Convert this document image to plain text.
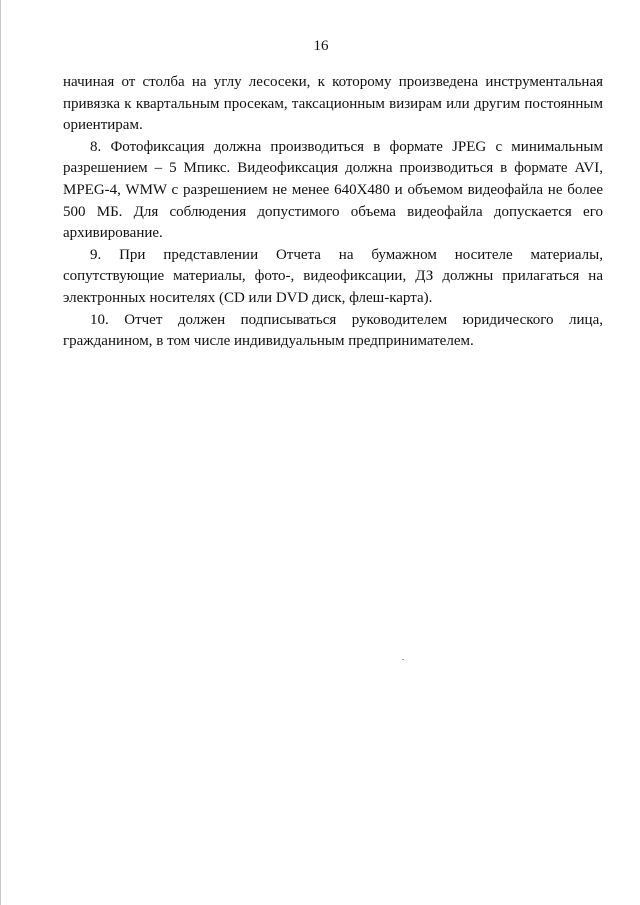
16

начиная от столба на углу лесосеки, к которому произведена инструментальная привязка к квартальным просекам, таксационным визирам или другим постоянным ориентирам.

8. Фотофиксация должна производиться в формате JPEG с минимальным разрешением – 5 Мпикс. Видеофиксация должна производиться в формате AVI, MPEG-4, WMW с разрешением не менее 640X480 и объемом видеофайла не более 500 МБ. Для соблюдения допустимого объема видеофайла допускается его архивирование.

9. При представлении Отчета на бумажном носителе материалы, сопутствующие материалы, фото-, видеофиксации, ДЗ должны прилагаться на электронных носителях (CD или DVD диск, флеш-карта).

10. Отчет должен подписываться руководителем юридического лица, гражданином, в том числе индивидуальным предпринимателем.
